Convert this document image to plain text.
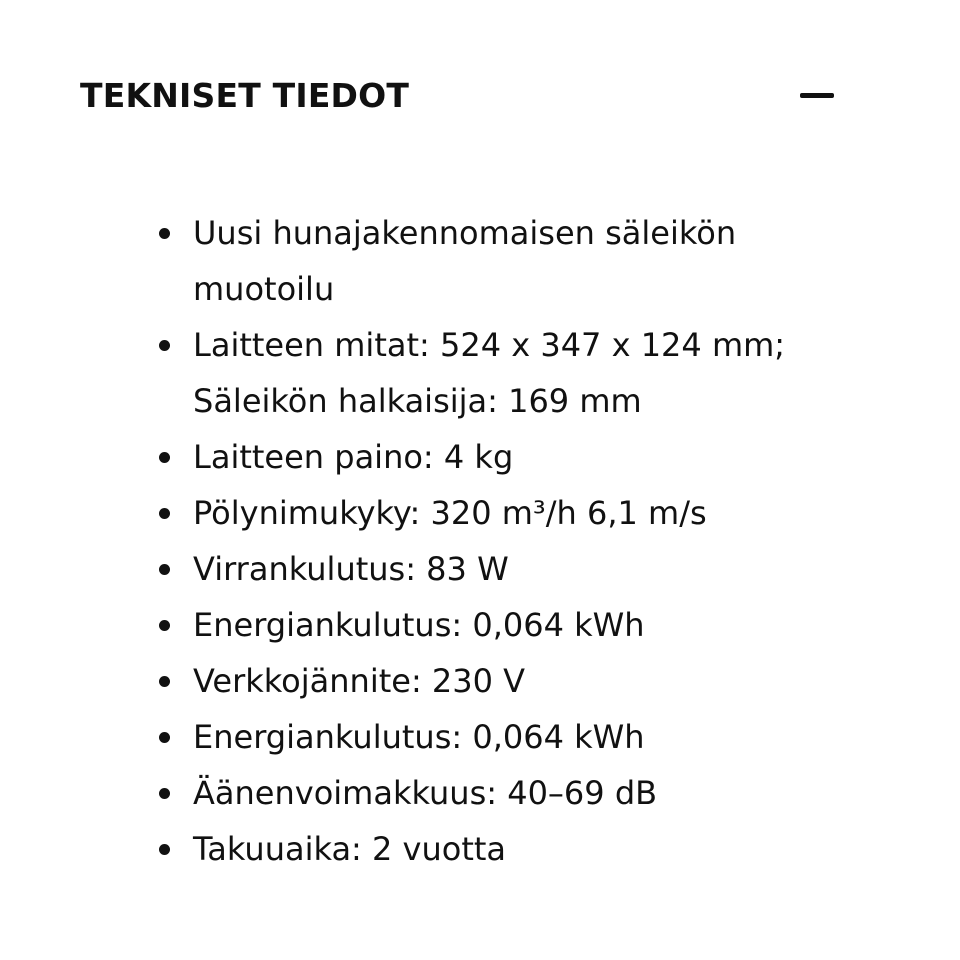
TEKNISET TIEDOT
Uusi hunajakennomaisen säleikön
muotoilu
Laitteen mitat: 524 x 347 x 124 mm;
Säleikön halkaisija: 169 mm
Laitteen paino: 4 kg
Pölynimukyky: 320 m³/h 6,1 m/s
Virrankulutus: 83 W
Energiankulutus: 0,064 kWh
Verkkojännite: 230 V
Energiankulutus: 0,064 kWh
Äänenvoimakkuus: 40–69 dB
Takuuaika: 2 vuotta
